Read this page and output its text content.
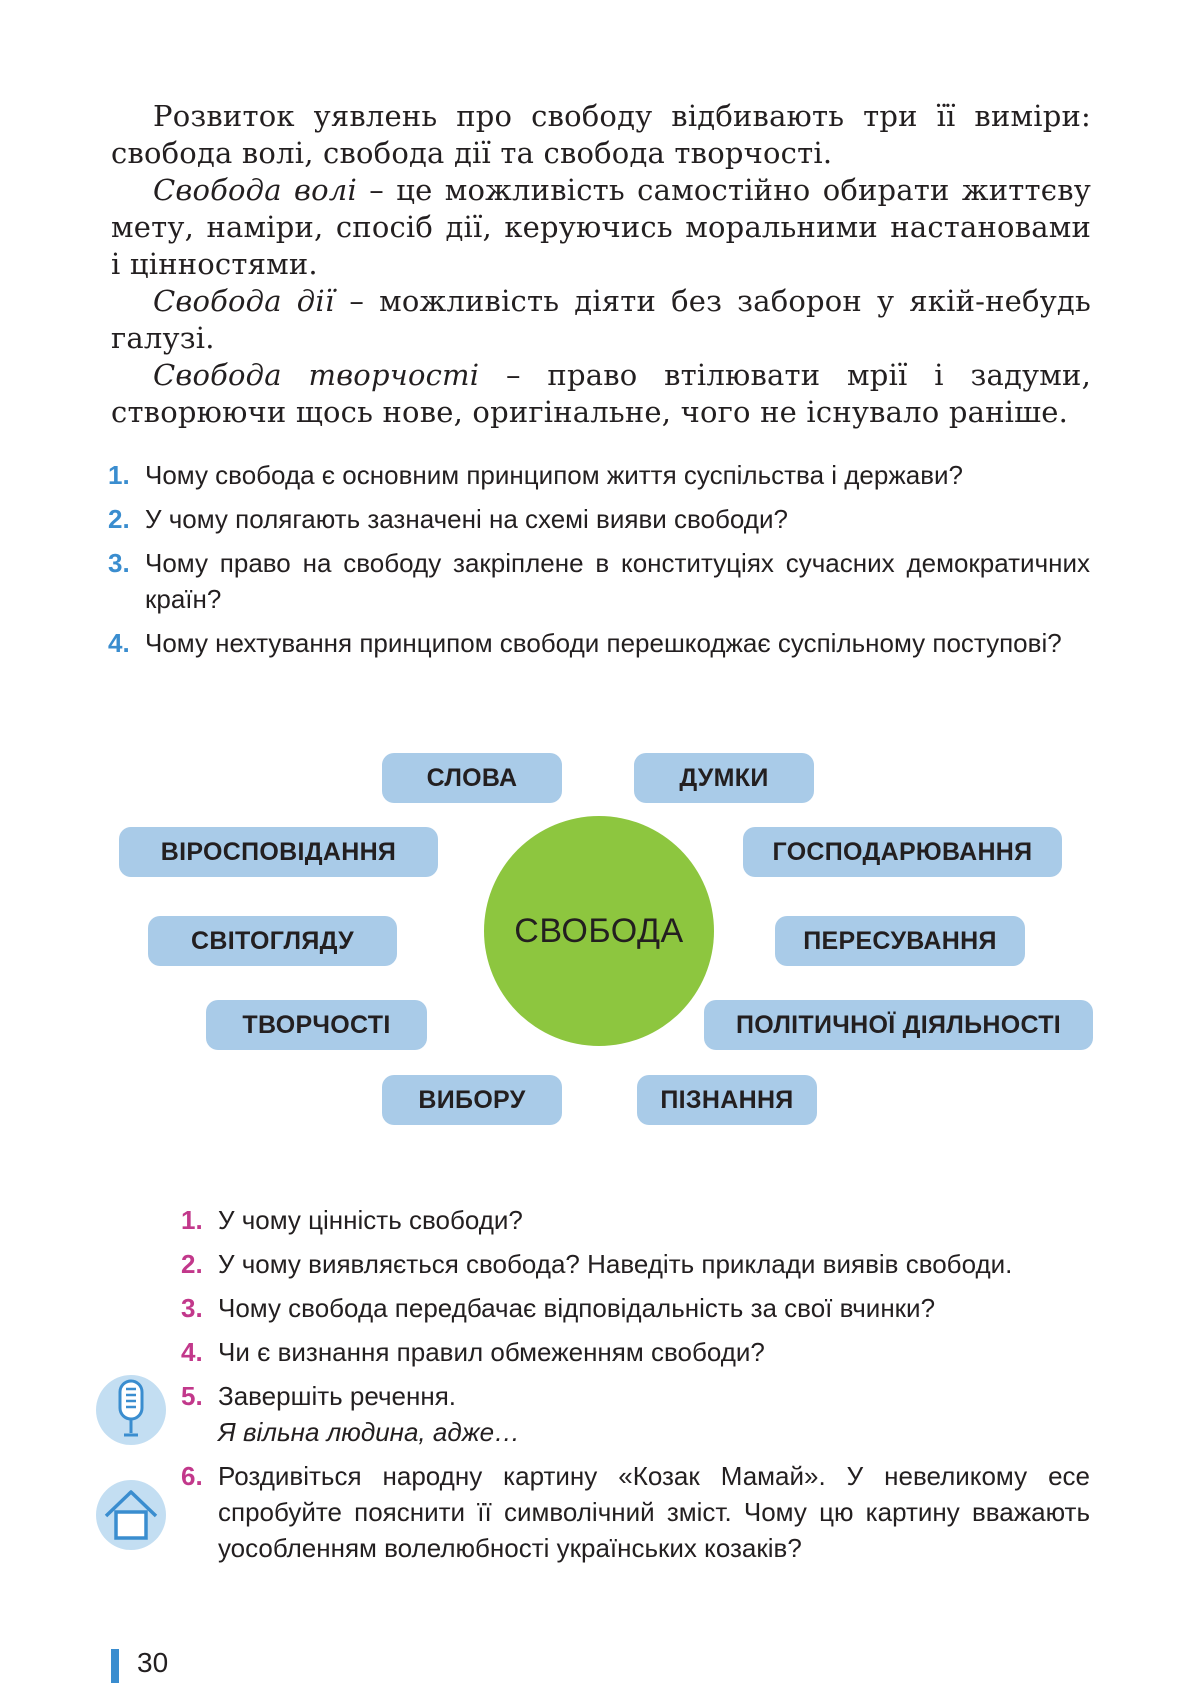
Розвиток уявлень про свободу відбивають три її виміри: свобода волі, свобода дії та свобода творчості.

Свобода волі – це можливість самостійно обирати життєву мету, наміри, спосіб дії, керуючись моральними настановами і цінностями.

Свобода дії – можливість діяти без заборон у якій-небудь галузі.

Свобода творчості – право втілювати мрії і задуми, створюючи щось нове, оригінальне, чого не існувало раніше.

1. Чому свобода є основним принципом життя суспільства і держави?
2. У чому полягають зазначені на схемі вияви свободи?
3. Чому право на свободу закріплене в конституціях сучасних демократичних країн?
4. Чому нехтування принципом свободи перешкоджає суспільному поступові?
СЛОВА	ДУМКИ
ВІРОСПОВІДАННЯ	ГОСПОДАРЮВАННЯ
СВІТОГЛЯДУ	ПЕРЕСУВАННЯ
ТВОРЧОСТІ	ПОЛІТИЧНОЇ ДІЯЛЬНОСТІ
ВИБОРУ	ПІЗНАННЯ
СВОБОДА
1. У чому цінність свободи?
2. У чому виявляється свобода? Наведіть приклади виявів свободи.
3. Чому свобода передбачає відповідальність за свої вчинки?
4. Чи є визнання правил обмеженням свободи?
5. Завершіть речення.
Я вільна людина, адже…
6. Роздивіться народну картину «Козак Мамай». У невеликому есе спробуйте пояснити її символічний зміст. Чому цю картину вважають уособленням волелюбності українських козаків?
30
